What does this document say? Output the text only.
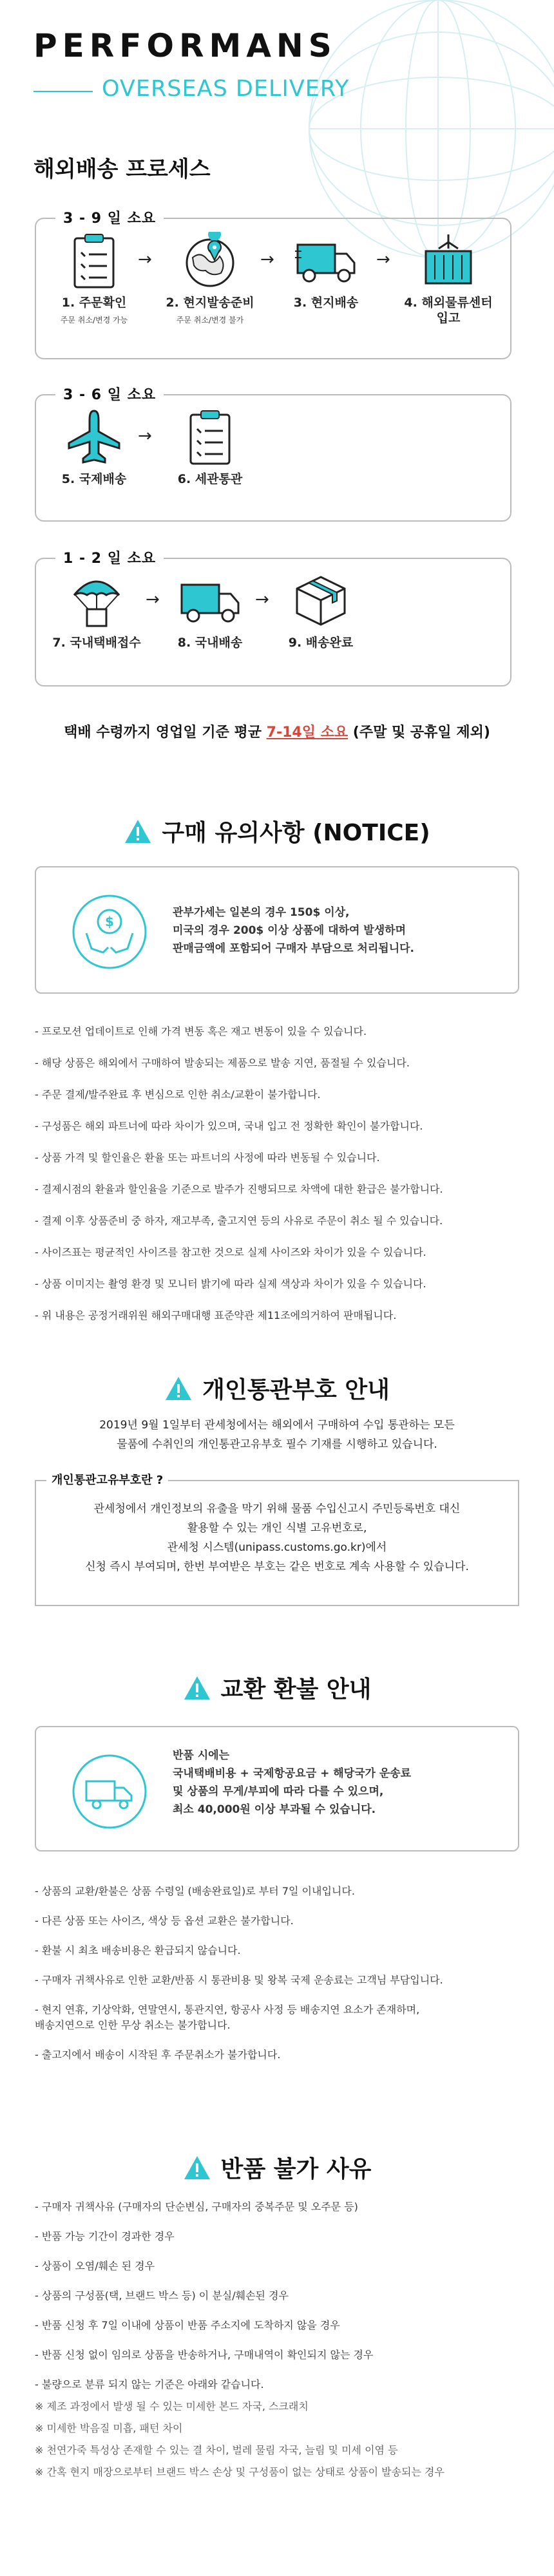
PERFORMANS
OVERSEAS DELIVERY
해외배송 프로세스
3 - 9 일 소요
1. 주문확인
주문 취소/변경 가능
→
2. 현지발송준비
주문 취소/변경 불가
→
3. 현지배송
→
4. 해외물류센터
입고
3 - 6 일 소요
5. 국제배송
→
6. 세관통관
1 - 2 일 소요
7. 국내택배접수
→
8. 국내배송
→
9. 배송완료
택배 수령까지 영업일 기준 평균 7-14일 소요 (주말 및 공휴일 제외)
구매 유의사항 (NOTICE)
$
관부가세는 일본의 경우 150$ 이상,
미국의 경우 200$ 이상 상품에 대하여 발생하며
판매금액에 포함되어 구매자 부담으로 처리됩니다.
- 프로모션 업데이트로 인해 가격 변동 혹은 재고 변동이 있을 수 있습니다.
- 해당 상품은 해외에서 구매하여 발송되는 제품으로 발송 지연, 품절될 수 있습니다.
- 주문 결제/발주완료 후 변심으로 인한 취소/교환이 불가합니다.
- 구성품은 해외 파트너에 따라 차이가 있으며, 국내 입고 전 정확한 확인이 불가합니다.
- 상품 가격 및 할인율은 환율 또는 파트너의 사정에 따라 변동될 수 있습니다.
- 결제시점의 환율과 할인율을 기준으로 발주가 진행되므로 차액에 대한 환급은 불가합니다.
- 결제 이후 상품준비 중 하자, 재고부족, 출고지연 등의 사유로 주문이 취소 될 수 있습니다.
- 사이즈표는 평균적인 사이즈를 참고한 것으로 실제 사이즈와 차이가 있을 수 있습니다.
- 상품 이미지는 촬영 환경 및 모니터 밝기에 따라 실제 색상과 차이가 있을 수 있습니다.
- 위 내용은 공정거래위원 해외구매대행 표준약관 제11조에의거하여 판매됩니다.
개인통관부호 안내
2019년 9월 1일부터 관세청에서는 해외에서 구매하여 수입 통관하는 모든
물품에 수취인의 개인통관고유부호 필수 기재를 시행하고 있습니다.
개인통관고유부호란 ?
관세청에서 개인정보의 유출을 막기 위해 물품 수입신고시 주민등록번호 대신
활용할 수 있는 개인 식별 고유번호로,
관세청 시스템(unipass.customs.go.kr)에서
신청 즉시 부여되며, 한번 부여받은 부호는 같은 번호로 계속 사용할 수 있습니다.
교환 환불 안내
반품 시에는
국내택배비용 + 국제항공요금 + 해당국가 운송료
및 상품의 무게/부피에 따라 다를 수 있으며,
최소 40,000원 이상 부과될 수 있습니다.
- 상품의 교환/환불은 상품 수령일 (배송완료일)로 부터 7일 이내입니다.
- 다른 상품 또는 사이즈, 색상 등 옵션 교환은 불가합니다.
- 환불 시 최초 배송비용은 환급되지 않습니다.
- 구매자 귀책사유로 인한 교환/반품 시 통관비용 및 왕복 국제 운송료는 고객님 부담입니다.
- 현지 연휴, 기상악화, 연말연시, 통관지연, 항공사 사정 등 배송지연 요소가 존재하며,
배송지연으로 인한 무상 취소는 불가합니다.
- 출고지에서 배송이 시작된 후 주문취소가 불가합니다.
반품 불가 사유
- 구매자 귀책사유 (구매자의 단순변심, 구매자의 중복주문 및 오주문 등)
- 반품 가능 기간이 경과한 경우
- 상품이 오염/훼손 된 경우
- 상품의 구성품(택, 브랜드 박스 등) 이 분실/훼손된 경우
- 반품 신청 후 7일 이내에 상품이 반품 주소지에 도착하지 않을 경우
- 반품 신청 없이 임의로 상품을 반송하거나, 구매내역이 확인되지 않는 경우
- 불량으로 분류 되지 않는 기준은 아래와 같습니다.
※ 제조 과정에서 발생 될 수 있는 미세한 본드 자국, 스크래치
※ 미세한 박음질 미흡, 패턴 차이
※ 천연가죽 특성상 존재할 수 있는 결 차이, 벌레 물림 자국, 늘림 및 미세 이염 등
※ 간혹 현지 매장으로부터 브랜드 박스 손상 및 구성품이 없는 상태로 상품이 발송되는 경우
